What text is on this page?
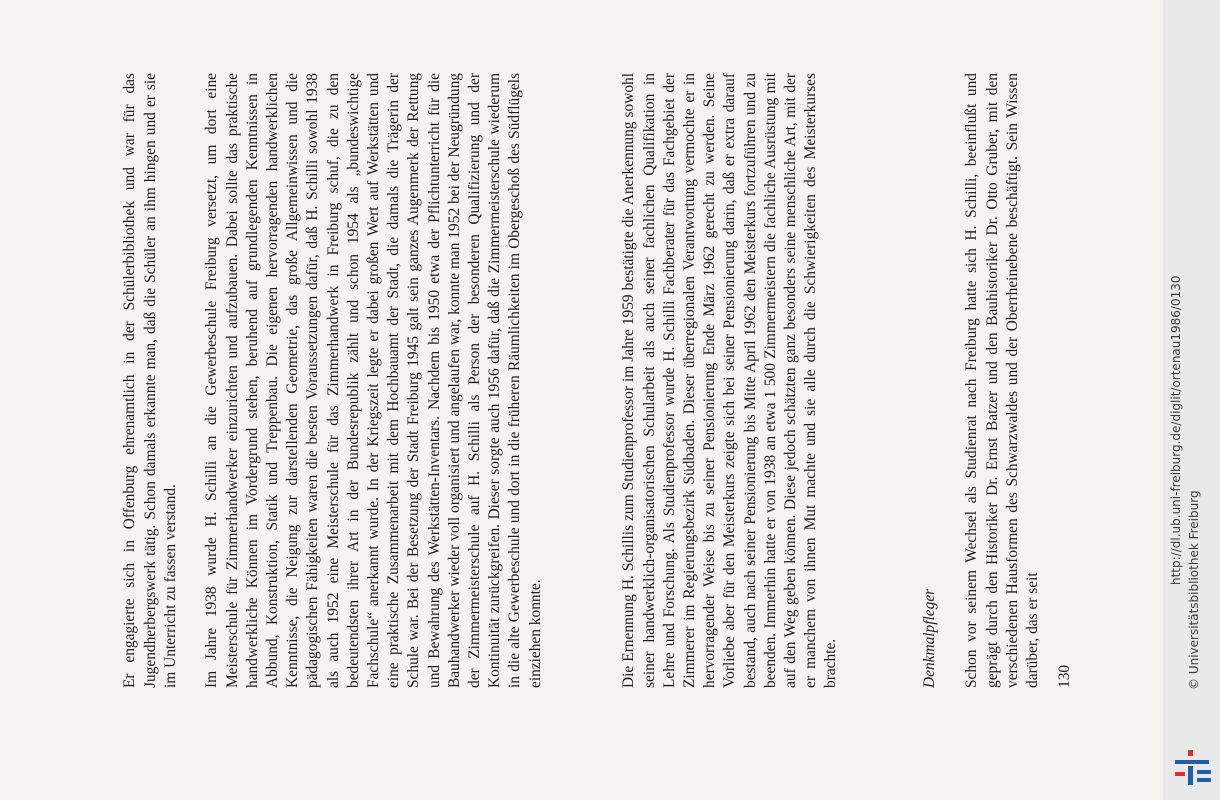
Er engagierte sich in Offenburg ehrenamtlich in der Schülerbibliothek und war für das Jugendherbergswerk tätig. Schon damals erkannte man, daß die Schüler an ihm hingen und er sie im Unterricht zu fassen verstand. Im Jahre 1938 wurde H. Schilli an die Gewerbeschule Freiburg versetzt, um dort eine Meisterschule für Zimmerhandwerker einzurichten und aufzubauen. Dabei sollte das praktische handwerkliche Können im Vordergrund stehen, beruhend auf grundlegenden Kenntnissen in Abbund, Konstruktion, Statik und Treppenbau. Die eigenen hervorragenden handwerklichen Kenntnisse, die Neigung zur darstellenden Geometrie, das große Allgemeinwissen und die pädagogischen Fähigkeiten waren die besten Voraussetzungen dafür, daß H. Schilli sowohl 1938 als auch 1952 eine Meisterschule für das Zimmerhandwerk in Freiburg schuf, die zu den bedeutendsten ihrer Art in der Bundesrepublik zählt und schon 1954 als „bundeswichtige Fachschule“ anerkannt wurde. In der Kriegszeit legte er dabei großen Wert auf Werkstätten und eine praktische Zusammenarbeit mit dem Hochbauamt der Stadt, die damals die Trägerin der Schule war. Bei der Besetzung der Stadt Freiburg 1945 galt sein ganzes Augenmerk der Rettung und Bewahrung des Werkstätten-Inventars. Nachdem bis 1950 etwa der Pflichtunterricht für die Bauhandwerker wieder voll organisiert und angelaufen war, konnte man 1952 bei der Neugründung der Zimmermeisterschule auf H. Schilli als Person der besonderen Qualifizierung und der Kontinuität zurückgreifen. Dieser sorgte auch 1956 dafür, daß die Zimmermeisterschule wiederum in die alte Gewerbeschule und dort in die früheren Räumlichkeiten im Obergeschoß des Südflügels einziehen konnte.	Die Ernennung H. Schillis zum Studienprofessor im Jahre 1959 bestätigte die Anerkennung sowohl seiner handwerklich-organisatorischen Schularbeit als auch seiner fachlichen Qualifikation in Lehre und Forschung. Als Studienprofessor wurde H. Schilli Fachberater für das Fachgebiet der Zimmerer im Regierungsbezirk Südbaden. Dieser überregionalen Verantwortung vermochte er in hervorragender Weise bis zu seiner Pensionierung Ende März 1962 gerecht zu werden. Seine Vorliebe aber für den Meisterkurs zeigte sich bei seiner Pensionierung darin, daß er extra darauf bestand, auch nach seiner Pensionierung bis Mitte April 1962 den Meisterkurs fortzuführen und zu beenden. Immerhin hatte er von 1938 an etwa 1 500 Zimmermeistern die fachliche Ausrüstung mit auf den Weg geben können. Diese jedoch schätzten ganz besonders seine menschliche Art, mit der er manchem von ihnen Mut machte und sie alle durch die Schwierigkeiten des Meisterkurses brachte.	Denkmalpfleger Schon vor seinem Wechsel als Studienrat nach Freiburg hatte sich H. Schilli, beeinflußt und geprägt durch den Historiker Dr. Ernst Batzer und den Bauhistoriker Dr. Otto Gruber, mit den verschiedenen Hausformen des Schwarzwaldes und der Oberrheinebene beschäftigt. Sein Wissen darüber, das er seit 130
http://dl.ub.uni-freiburg.de/diglit/ortenau1986/0130
© Universitätsbibliothek Freiburg
